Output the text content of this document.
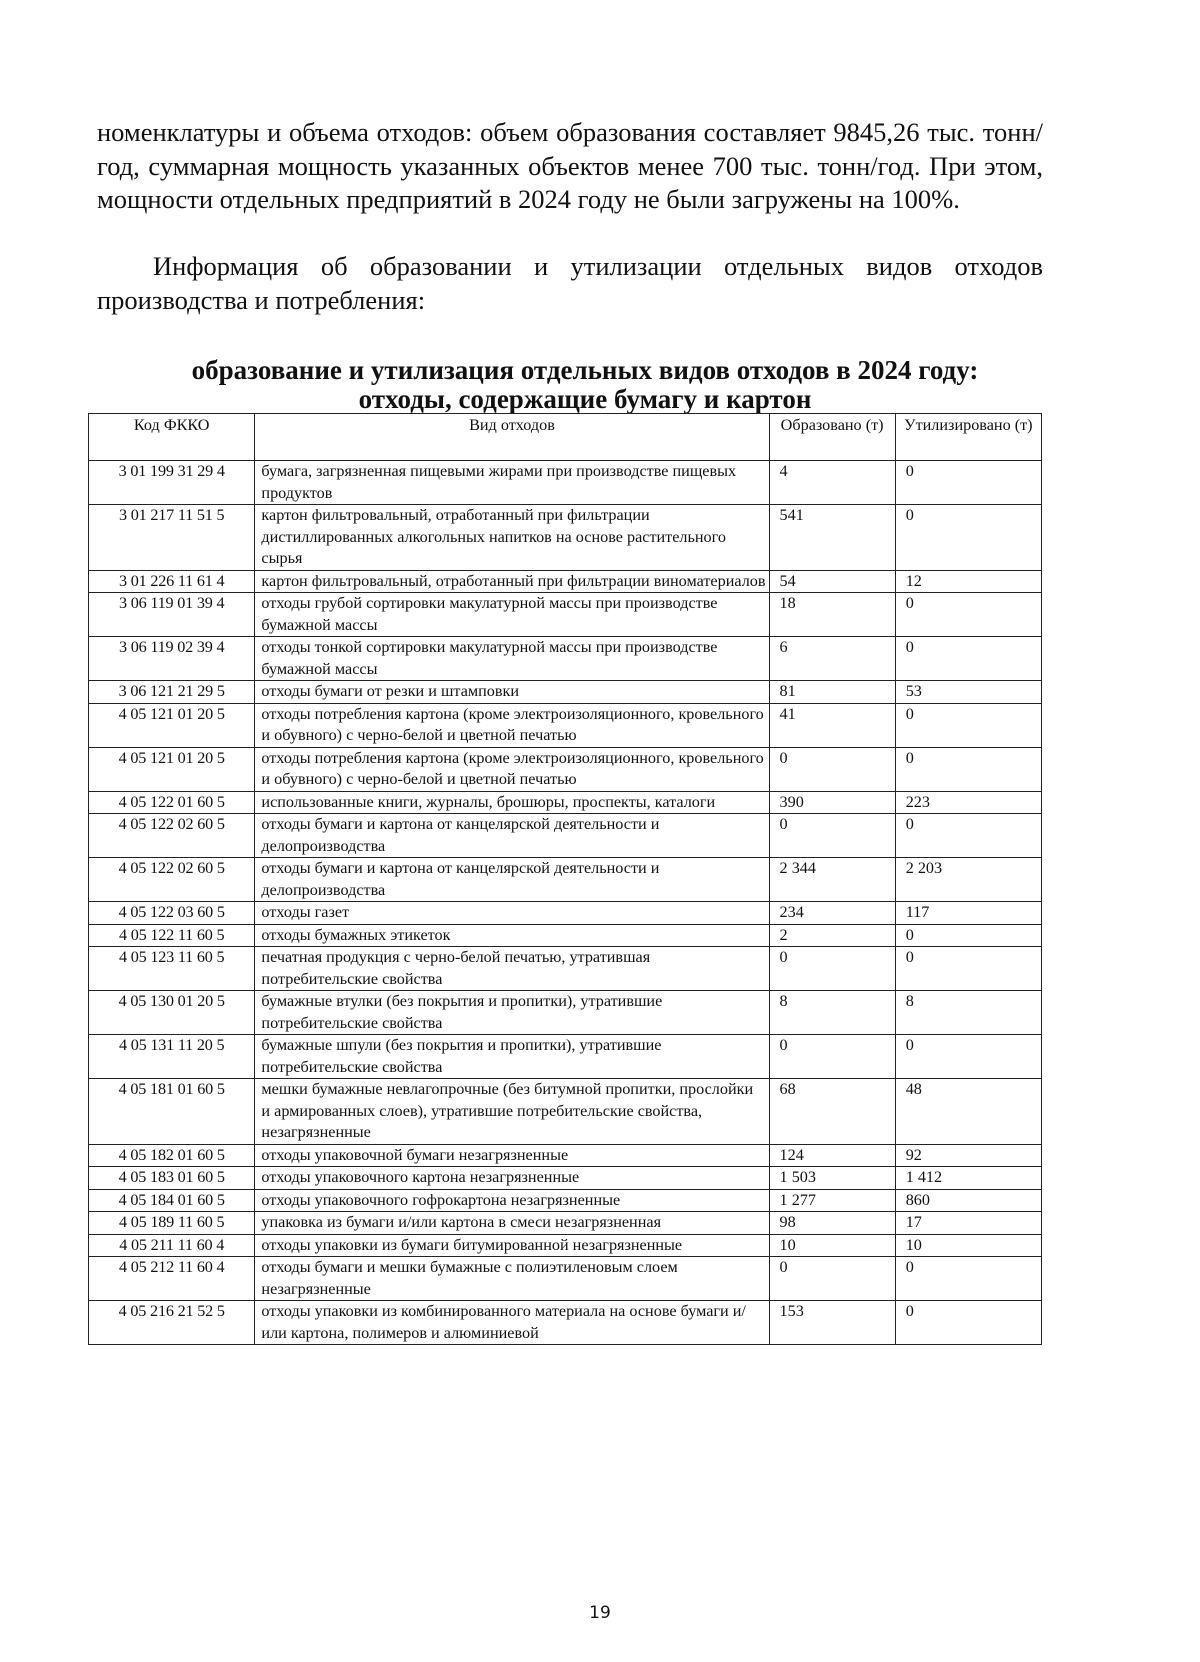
номенклатуры и объема отходов: объем образования составляет 9845,26 тыс. тонн/год, суммарная мощность указанных объектов менее 700 тыс. тонн/год. При этом, мощности отдельных предприятий в 2024 году не были загружены на 100%.

Информация об образовании и утилизации отдельных видов отходов производства и потребления:

образование и утилизация отдельных видов отходов в 2024 году:

отходы, содержащие бумагу и картон

Код ФККО	Вид отходов	Образовано (т)	Утилизировано (т)
3 01 199 31 29 4	бумага, загрязненная пищевыми жирами при производстве пищевых продуктов	4	0
3 01 217 11 51 5	картон фильтровальный, отработанный при фильтрации дистиллированных алкогольных напитков на основе растительного сырья	541	0
3 01 226 11 61 4	картон фильтровальный, отработанный при фильтрации виноматериалов	54	12
3 06 119 01 39 4	отходы грубой сортировки макулатурной массы при производстве бумажной массы	18	0
3 06 119 02 39 4	отходы тонкой сортировки макулатурной массы при производстве бумажной массы	6	0
3 06 121 21 29 5	отходы бумаги от резки и штамповки	81	53
4 05 121 01 20 5	отходы потребления картона (кроме электроизоляционного, кровельного и обувного) с черно-белой и цветной печатью	41	0
4 05 121 01 20 5	отходы потребления картона (кроме электроизоляционного, кровельного и обувного) с черно-белой и цветной печатью	0	0
4 05 122 01 60 5	использованные книги, журналы, брошюры, проспекты, каталоги	390	223
4 05 122 02 60 5	отходы бумаги и картона от канцелярской деятельности и делопроизводства	0	0
4 05 122 02 60 5	отходы бумаги и картона от канцелярской деятельности и делопроизводства	2 344	2 203
4 05 122 03 60 5	отходы газет	234	117
4 05 122 11 60 5	отходы бумажных этикеток	2	0
4 05 123 11 60 5	печатная продукция с черно-белой печатью, утратившая потребительские свойства	0	0
4 05 130 01 20 5	бумажные втулки (без покрытия и пропитки), утратившие потребительские свойства	8	8
4 05 131 11 20 5	бумажные шпули (без покрытия и пропитки), утратившие потребительские свойства	0	0
4 05 181 01 60 5	мешки бумажные невлагопрочные (без битумной пропитки, прослойки и армированных слоев), утратившие потребительские свойства, незагрязненные	68	48
4 05 182 01 60 5	отходы упаковочной бумаги незагрязненные	124	92
4 05 183 01 60 5	отходы упаковочного картона незагрязненные	1 503	1 412
4 05 184 01 60 5	отходы упаковочного гофрокартона незагрязненные	1 277	860
4 05 189 11 60 5	упаковка из бумаги и/или картона в смеси незагрязненная	98	17
4 05 211 11 60 4	отходы упаковки из бумаги битумированной незагрязненные	10	10
4 05 212 11 60 4	отходы бумаги и мешки бумажные с полиэтиленовым слоем незагрязненные	0	0
4 05 216 21 52 5	отходы упаковки из комбинированного материала на основе бумаги и/или картона, полимеров и алюминиевой	153	0

19
